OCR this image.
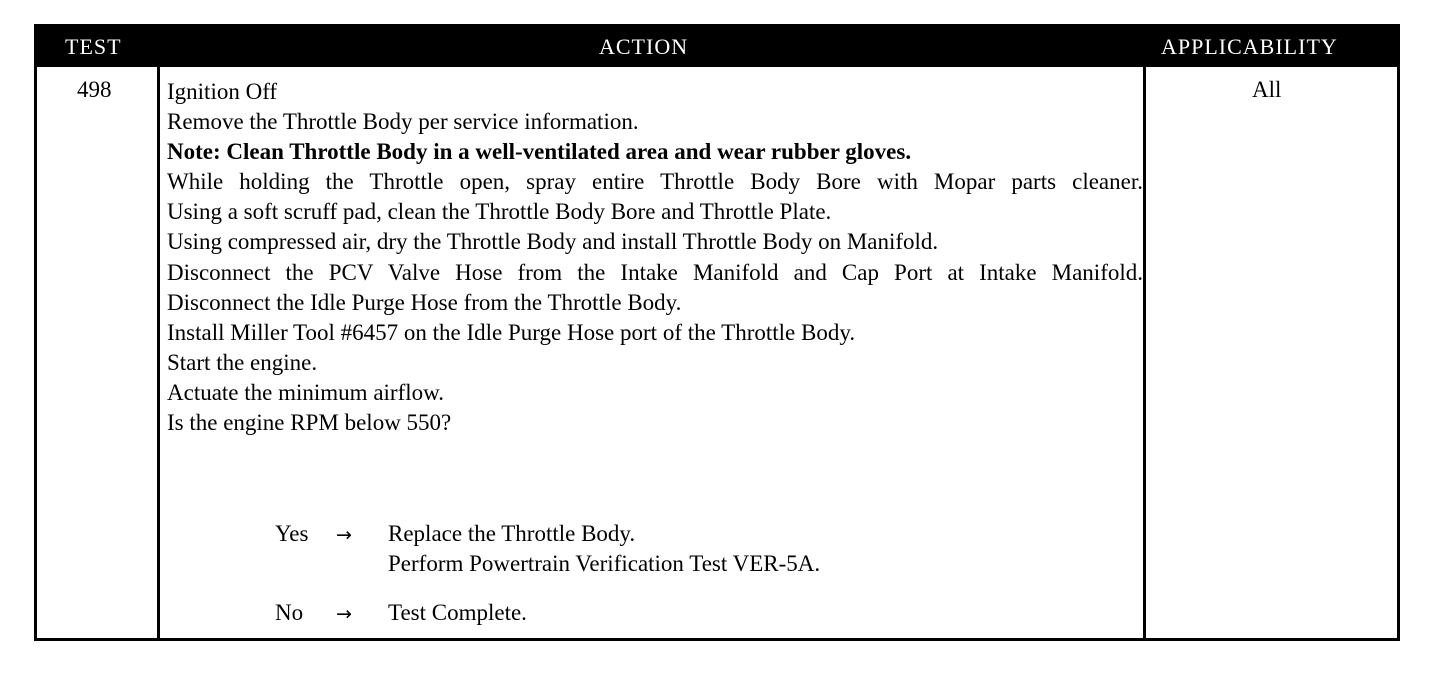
TEST	ACTION	APPLICABILITY
498 Ignition Off
Remove the Throttle Body per service information.
Note: Clean Throttle Body in a well-ventilated area and wear rubber gloves.
While holding the Throttle open, spray entire Throttle Body Bore with Mopar parts cleaner.
Using a soft scruff pad, clean the Throttle Body Bore and Throttle Plate.
Using compressed air, dry the Throttle Body and install Throttle Body on Manifold.
Disconnect the PCV Valve Hose from the Intake Manifold and Cap Port at Intake Manifold.
Disconnect the Idle Purge Hose from the Throttle Body.
Install Miller Tool #6457 on the Idle Purge Hose port of the Throttle Body.
Start the engine.
Actuate the minimum airflow.
Is the engine RPM below 550?
Yes → Replace the Throttle Body.
Perform Powertrain Verification Test VER-5A.
No → Test Complete.
All
